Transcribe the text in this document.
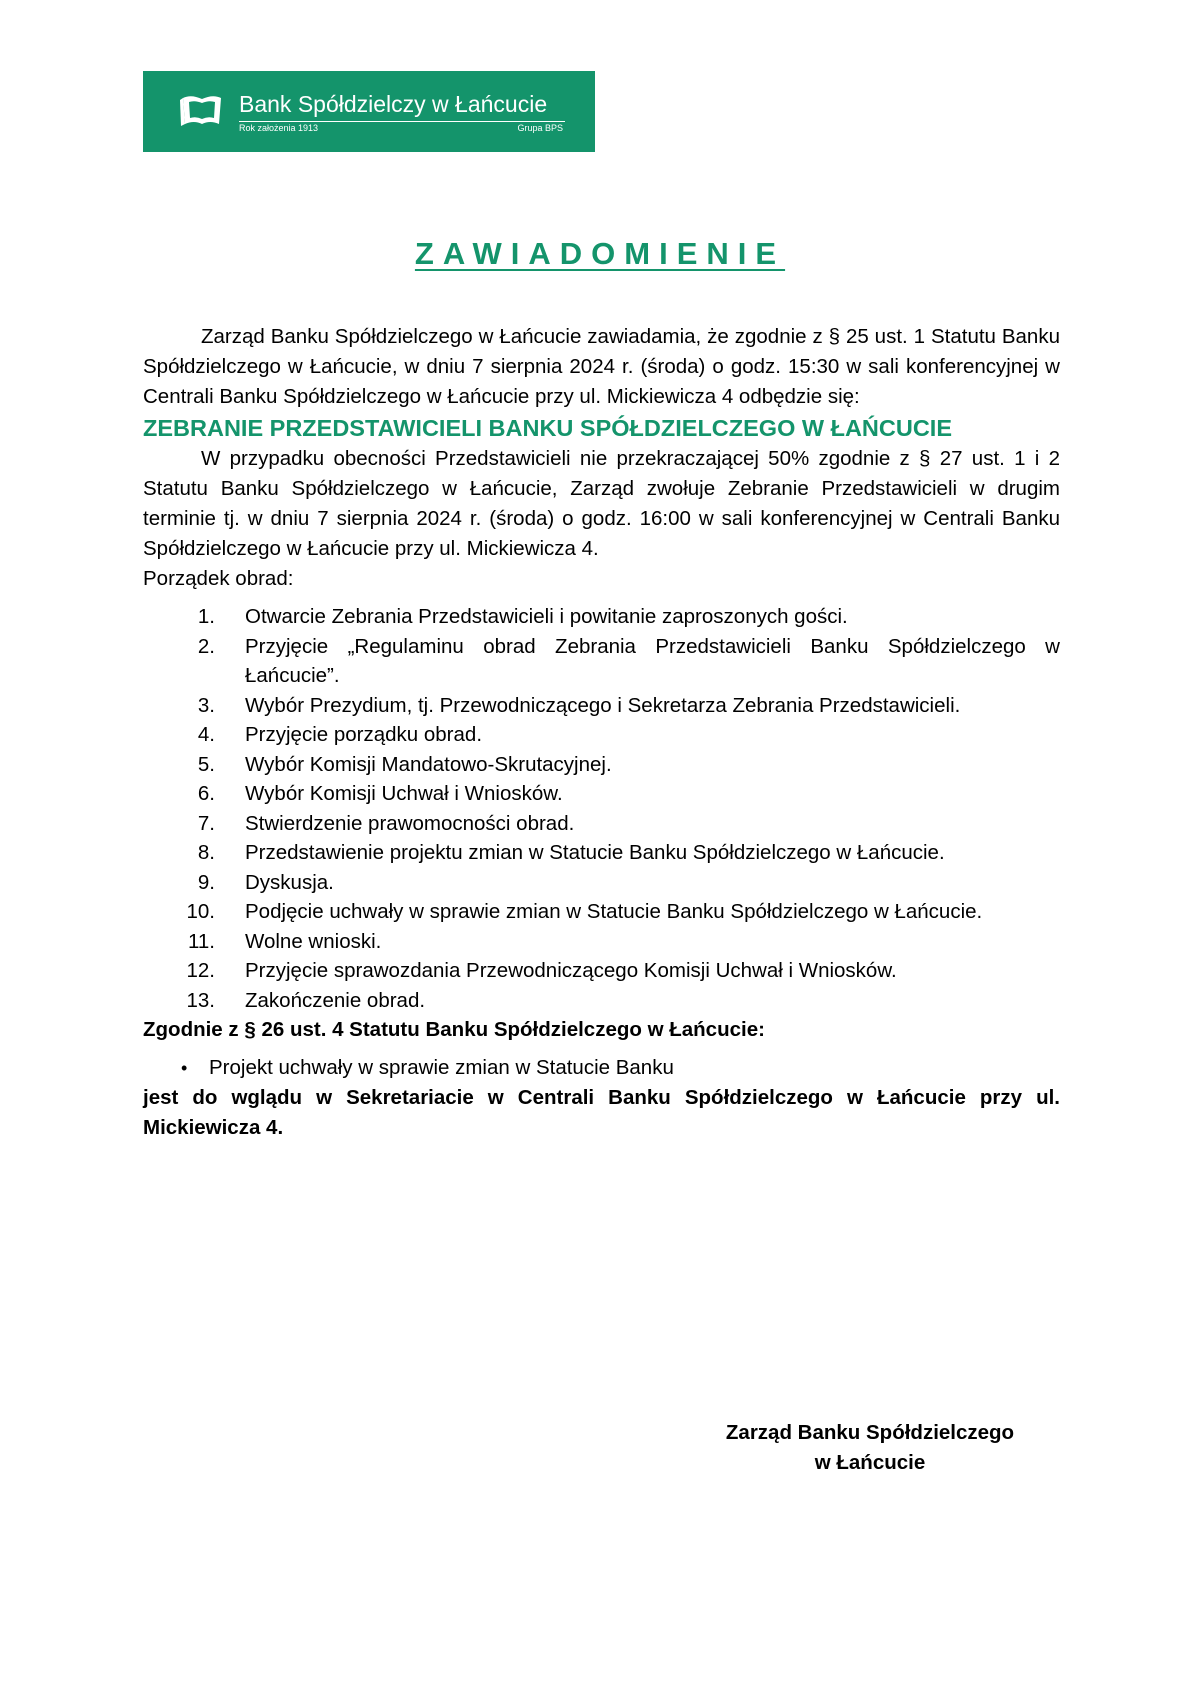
Bank Spółdzielczy w Łańcucie
Rok założenia 1913	Grupa BPS
ZAWIADOMIENIE

Zarząd Banku Spółdzielczego w Łańcucie zawiadamia, że zgodnie z § 25 ust. 1 Statutu Banku Spółdzielczego w Łańcucie, w dniu 7 sierpnia 2024 r. (środa) o godz. 15:30 w sali konferencyjnej w Centrali Banku Spółdzielczego w Łańcucie przy ul. Mickiewicza 4 odbędzie się:

ZEBRANIE PRZEDSTAWICIELI BANKU SPÓŁDZIELCZEGO W ŁAŃCUCIE

W przypadku obecności Przedstawicieli nie przekraczającej 50% zgodnie z § 27 ust. 1 i 2 Statutu Banku Spółdzielczego w Łańcucie, Zarząd zwołuje Zebranie Przedstawicieli w drugim terminie tj. w dniu 7 sierpnia 2024 r. (środa) o godz. 16:00 w sali konferencyjnej w Centrali Banku Spółdzielczego w Łańcucie przy ul. Mickiewicza 4.

Porządek obrad:

1. Otwarcie Zebrania Przedstawicieli i powitanie zaproszonych gości.
2. Przyjęcie „Regulaminu obrad Zebrania Przedstawicieli Banku Spółdzielczego w Łańcucie”.
3. Wybór Prezydium, tj. Przewodniczącego i Sekretarza Zebrania Przedstawicieli.
4. Przyjęcie porządku obrad.
5. Wybór Komisji Mandatowo-Skrutacyjnej.
6. Wybór Komisji Uchwał i Wniosków.
7. Stwierdzenie prawomocności obrad.
8. Przedstawienie projektu zmian w Statucie Banku Spółdzielczego w Łańcucie.
9. Dyskusja.
10. Podjęcie uchwały w sprawie zmian w Statucie Banku Spółdzielczego w Łańcucie.
11. Wolne wnioski.
12. Przyjęcie sprawozdania Przewodniczącego Komisji Uchwał i Wniosków.
13. Zakończenie obrad.

Zgodnie z § 26 ust. 4 Statutu Banku Spółdzielczego w Łańcucie:

•	Projekt uchwały w sprawie zmian w Statucie Banku

jest do wglądu w Sekretariacie w Centrali Banku Spółdzielczego w Łańcucie przy ul. Mickiewicza 4.

Zarząd Banku Spółdzielczego

w Łańcucie
